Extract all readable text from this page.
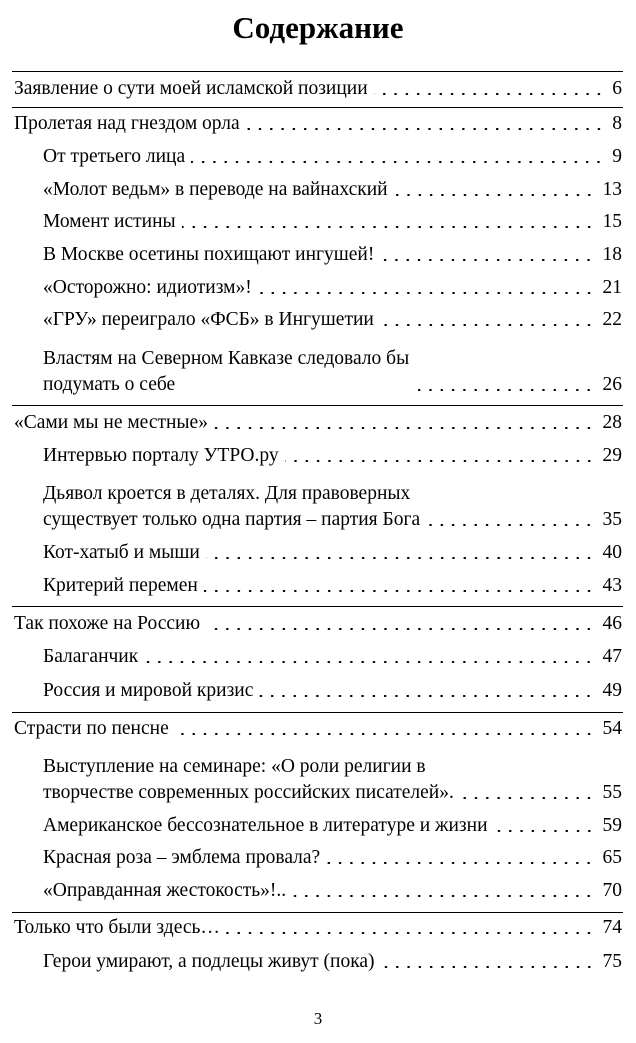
Содержание
Заявление о сути моей исламской позиции	6
Пролетая над гнездом орла	8
От третьего лица	9
«Молот ведьм» в переводе на вайнахский	13
Момент истины	15
В Москве осетины похищают ингушей!	18
«Осторожно: идиотизм»!	21
«ГРУ» переиграло «ФСБ» в Ингушетии	22
Властям на Северном Кавказе следовало бы
подумать о себе	26
«Сами мы не местные»	28
Интервью порталу УТРО.ру	29
Дьявол кроется в деталях. Для правоверных
существует только одна партия – партия Бога	35
Кот-хатыб и мыши	40
Критерий перемен	43
Так похоже на Россию	46
Балаганчик	47
Россия и мировой кризис	49
Страсти по пенсне	54
Выступление на семинаре: «О роли религии в
творчестве современных российских писателей».	55
Американское бессознательное в литературе и жизни	59
Красная роза – эмблема провала?	65
«Оправданная жестокость»!..	70
Только что были здесь…	74
Герои умирают, а подлецы живут (пока)	75
3
